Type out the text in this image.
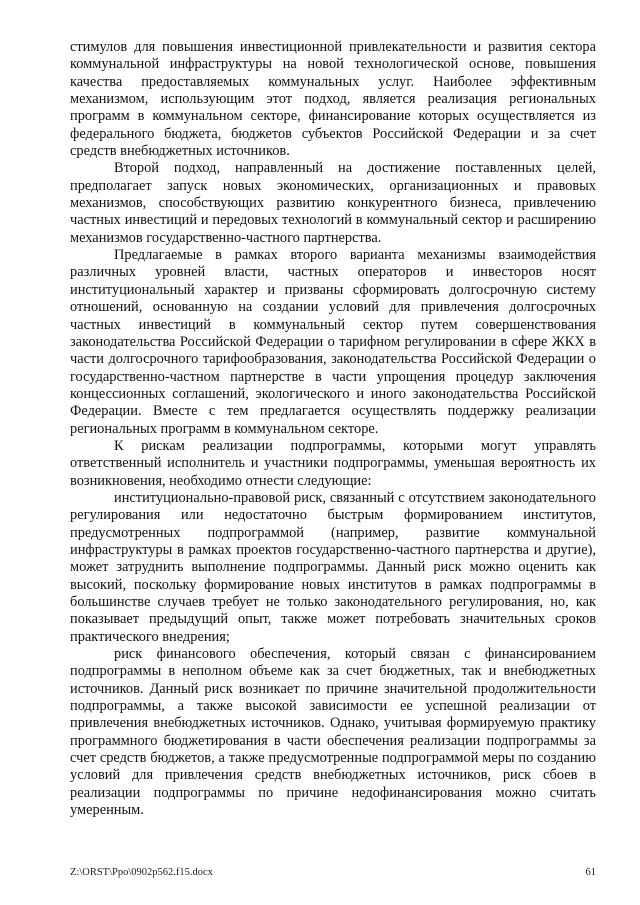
стимулов для повышения инвестиционной привлекательности и развития сектора коммунальной инфраструктуры на новой технологической основе, повышения качества предоставляемых коммунальных услуг. Наиболее эффективным механизмом, использующим этот подход, является реализация региональных программ в коммунальном секторе, финансирование которых осуществляется из федерального бюджета, бюджетов субъектов Российской Федерации и за счет средств внебюджетных источников.

Второй подход, направленный на достижение поставленных целей, предполагает запуск новых экономических, организационных и правовых механизмов, способствующих развитию конкурентного бизнеса, привлечению частных инвестиций и передовых технологий в коммунальный сектор и расширению механизмов государственно-частного партнерства.

Предлагаемые в рамках второго варианта механизмы взаимодействия различных уровней власти, частных операторов и инвесторов носят институциональный характер и призваны сформировать долгосрочную систему отношений, основанную на создании условий для привлечения долгосрочных частных инвестиций в коммунальный сектор путем совершенствования законодательства Российской Федерации о тарифном регулировании в сфере ЖКХ в части долгосрочного тарифообразования, законодательства Российской Федерации о государственно-частном партнерстве в части упрощения процедур заключения концессионных соглашений, экологического и иного законодательства Российской Федерации. Вместе с тем предлагается осуществлять поддержку реализации региональных программ в коммунальном секторе.

К рискам реализации подпрограммы, которыми могут управлять ответственный исполнитель и участники подпрограммы, уменьшая вероятность их возникновения, необходимо отнести следующие:

институционально-правовой риск, связанный с отсутствием законодательного регулирования или недостаточно быстрым формированием институтов, предусмотренных подпрограммой (например, развитие коммунальной инфраструктуры в рамках проектов государственно-частного партнерства и другие), может затруднить выполнение подпрограммы. Данный риск можно оценить как высокий, поскольку формирование новых институтов в рамках подпрограммы в большинстве случаев требует не только законодательного регулирования, но, как показывает предыдущий опыт, также может потребовать значительных сроков практического внедрения;

риск финансового обеспечения, который связан с финансированием подпрограммы в неполном объеме как за счет бюджетных, так и внебюджетных источников. Данный риск возникает по причине значительной продолжительности подпрограммы, а также высокой зависимости ее успешной реализации от привлечения внебюджетных источников. Однако, учитывая формируемую практику программного бюджетирования в части обеспечения реализации подпрограммы за счет средств бюджетов, а также предусмотренные подпрограммой меры по созданию условий для привлечения средств внебюджетных источников, риск сбоев в реализации подпрограммы по причине недофинансирования можно считать умеренным.

Z:\ORST\Ppo\0902p562.f15.docx	61
